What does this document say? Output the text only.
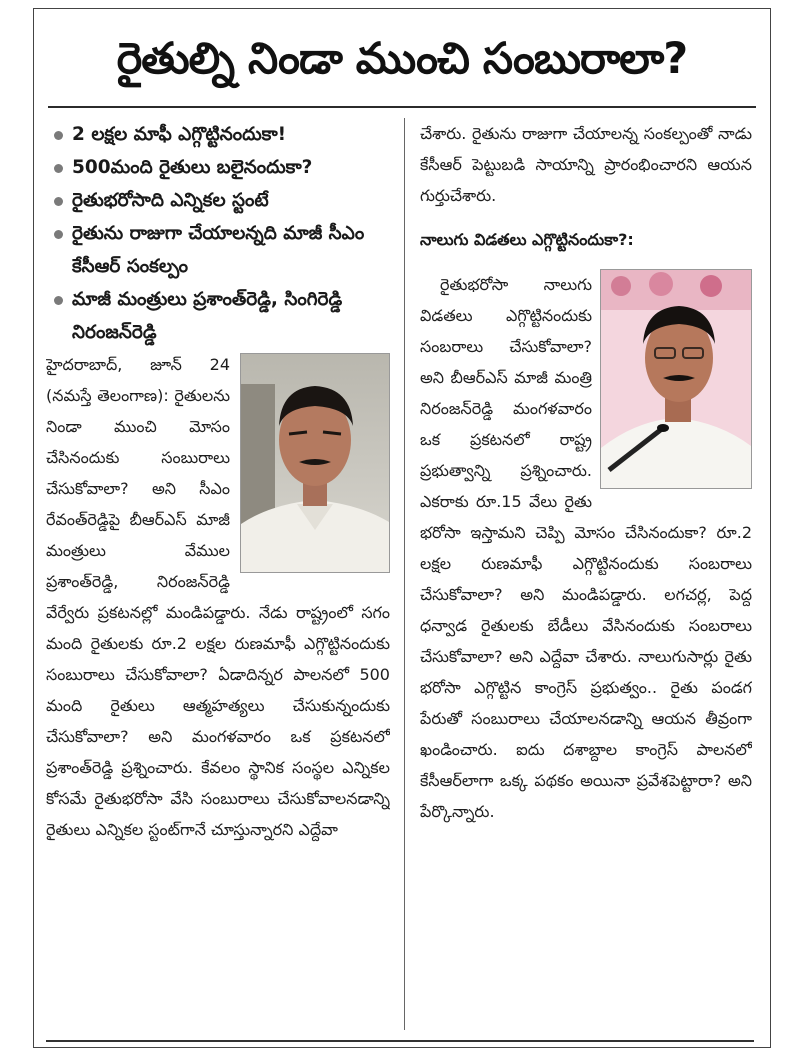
రైతుల్ని నిండా ముంచి సంబురాలా?
2 లక్షల మాఫీ ఎగ్గొట్టినందుకా!
500మంది రైతులు బలైనందుకా?
రైతుభరోసాది ఎన్నికల స్టంటే
రైతును రాజుగా చేయాలన్నది మాజీ సీఎం కేసీఆర్ సంకల్పం
మాజీ మంత్రులు ప్రశాంత్‌రెడ్డి, సింగిరెడ్డి నిరంజన్‌రెడ్డి

హైదరాబాద్, జూన్ 24 (నమస్తే తెలంగాణ): రైతులను నిండా ముంచి మోసం చేసినందుకు సంబురాలు చేసుకోవాలా? అని సీఎం రేవంత్‌రెడ్డిపై బీఆర్ఎస్ మాజీ మంత్రులు వేముల ప్రశాంత్‌రెడ్డి, నిరంజన్‌రెడ్డి వేర్వేరు ప్రకటనల్లో మండిపడ్డారు. నేడు రాష్ట్రంలో సగం మంది రైతులకు రూ.2 లక్షల రుణమాఫీ ఎగ్గొట్టినందుకు సంబురాలు చేసుకోవాలా? ఏడాదిన్నర పాలనలో 500 మంది రైతులు ఆత్మహత్యలు చేసుకున్నందుకు చేసుకోవాలా? అని మంగళవారం ఒక ప్రకటనలో ప్రశాంత్‌రెడ్డి ప్రశ్నించారు. కేవలం స్థానిక సంస్థల ఎన్నికల కోసమే రైతుభరోసా వేసి సంబురాలు చేసుకోవాలనడాన్ని రైతులు ఎన్నికల స్టంట్‌గానే చూస్తున్నారని ఎద్దేవా

చేశారు. రైతును రాజుగా చేయాలన్న సంకల్పంతో నాడు కేసీఆర్ పెట్టుబడి సాయాన్ని ప్రారంభించారని ఆయన గుర్తుచేశారు.

నాలుగు విడతలు ఎగ్గొట్టినందుకా?:

రైతుభరోసా నాలుగు విడతలు ఎగ్గొట్టినందుకు సంబరాలు చేసుకోవాలా? అని బీఆర్ఎస్ మాజీ మంత్రి నిరంజన్‌రెడ్డి మంగళవారం ఒక ప్రకటనలో రాష్ట్ర ప్రభుత్వాన్ని ప్రశ్నించారు. ఎకరాకు రూ.15 వేలు రైతు భరోసా ఇస్తామని చెప్పి మోసం చేసినందుకా? రూ.2 లక్షల రుణమాఫీ ఎగ్గొట్టినందుకు సంబరాలు చేసుకోవాలా? అని మండిపడ్డారు. లగచర్ల, పెద్ద ధన్వాడ రైతులకు బేడీలు వేసినందుకు సంబరాలు చేసుకోవాలా? అని ఎద్దేవా చేశారు. నాలుగుసార్లు రైతు భరోసా ఎగ్గొట్టిన కాంగ్రెస్ ప్రభుత్వం.. రైతు పండగ పేరుతో సంబురాలు చేయాలనడాన్ని ఆయన తీవ్రంగా ఖండించారు. ఐదు దశాబ్దాల కాంగ్రెస్ పాలనలో కేసీఆర్‌లాగా ఒక్క పథకం అయినా ప్రవేశపెట్టారా? అని పేర్కొన్నారు.
